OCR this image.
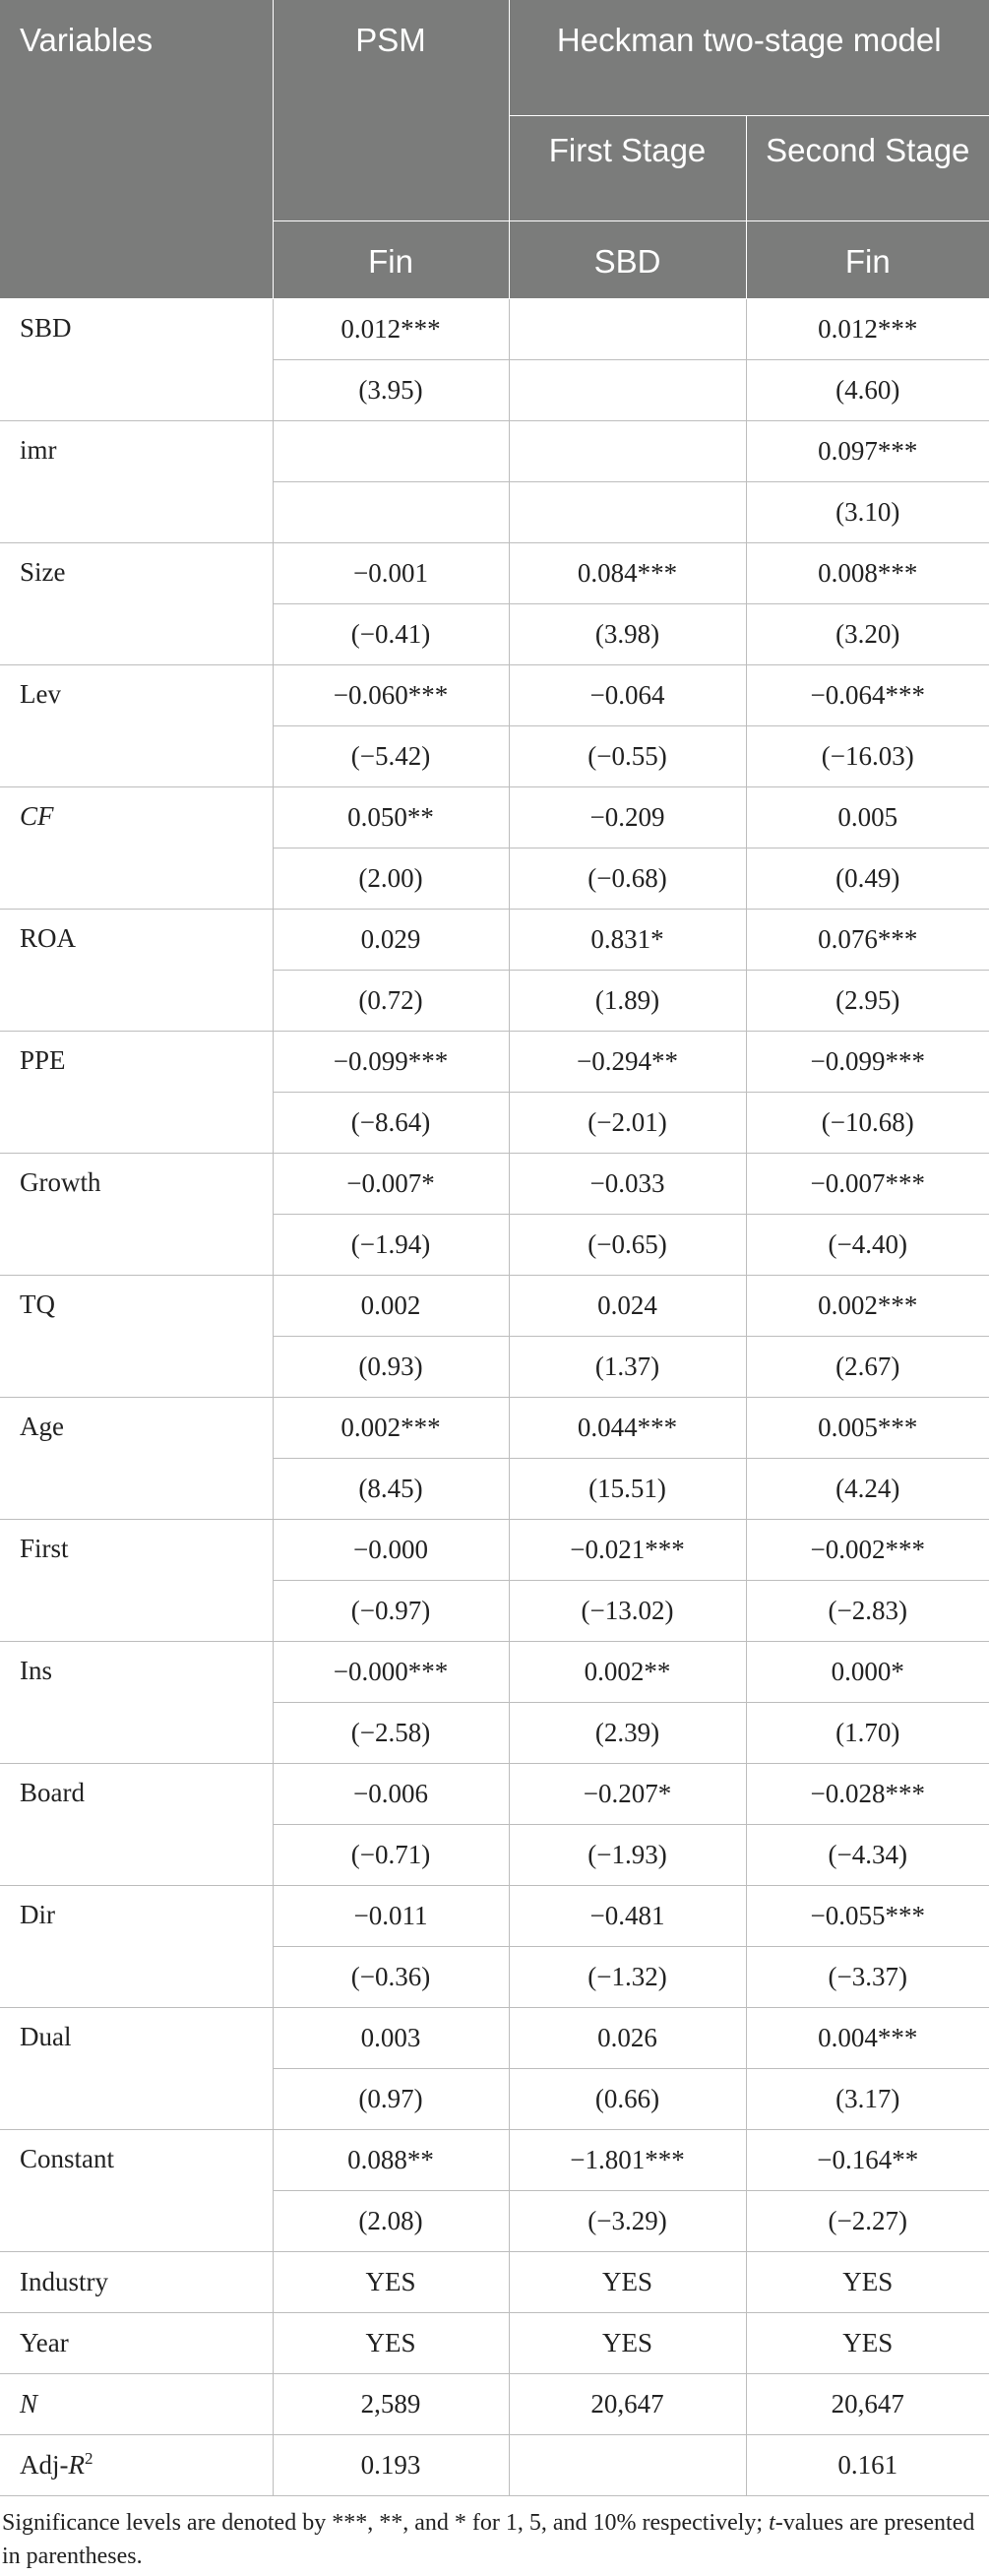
Variables	PSM	Heckman two-stage model	
		First Stage	Second Stage
	Fin	SBD	Fin
SBD	0.012***		0.012***
	(3.95)		(4.60)
imr			0.097***
			(3.10)
Size	−0.001	0.084***	0.008***
	(−0.41)	(3.98)	(3.20)
Lev	−0.060***	−0.064	−0.064***
	(−5.42)	(−0.55)	(−16.03)
CF	0.050**	−0.209	0.005
	(2.00)	(−0.68)	(0.49)
ROA	0.029	0.831*	0.076***
	(0.72)	(1.89)	(2.95)
PPE	−0.099***	−0.294**	−0.099***
	(−8.64)	(−2.01)	(−10.68)
Growth	−0.007*	−0.033	−0.007***
	(−1.94)	(−0.65)	(−4.40)
TQ	0.002	0.024	0.002***
	(0.93)	(1.37)	(2.67)
Age	0.002***	0.044***	0.005***
	(8.45)	(15.51)	(4.24)
First	−0.000	−0.021***	−0.002***
	(−0.97)	(−13.02)	(−2.83)
Ins	−0.000***	0.002**	0.000*
	(−2.58)	(2.39)	(1.70)
Board	−0.006	−0.207*	−0.028***
	(−0.71)	(−1.93)	(−4.34)
Dir	−0.011	−0.481	−0.055***
	(−0.36)	(−1.32)	(−3.37)
Dual	0.003	0.026	0.004***
	(0.97)	(0.66)	(3.17)
Constant	0.088**	−1.801***	−0.164**
	(2.08)	(−3.29)	(−2.27)
Industry	YES	YES	YES
Year	YES	YES	YES
N	2,589	20,647	20,647
Adj-$R^2$	0.193		0.161

Significance levels are denoted by ***, **, and * for 1, 5, and 10% respectively; t-values are presented in parentheses.
